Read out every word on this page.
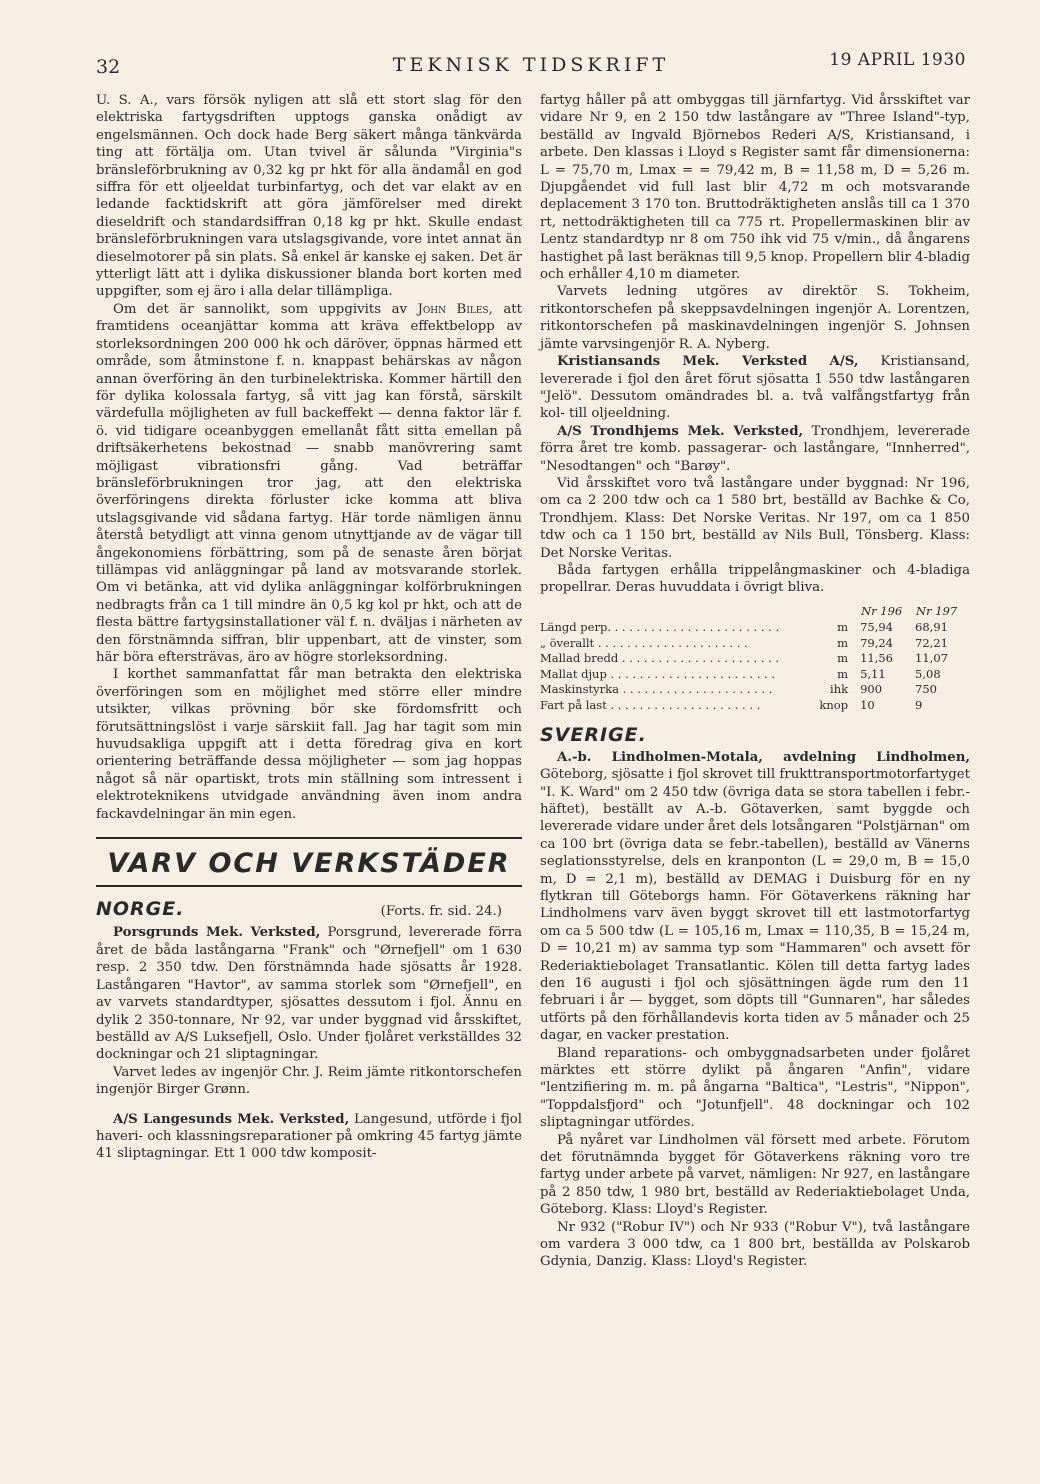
32	TEKNISK TIDSKRIFT	19 APRIL 1930

U. S. A., vars försök nyligen att slå ett stort slag för den elektriska fartygsdriften upptogs ganska onådigt av engelsmännen. Och dock hade Berg säkert många tänkvärda ting att förtälja om. Utan tvivel är sålunda "Virginia"s bränsleförbrukning av 0,32 kg pr hkt för alla ändamål en god siffra för ett oljeeldat turbinfartyg, och det var elakt av en ledande facktidskrift att göra jämförelser med direkt dieseldrift och standardsiffran 0,18 kg pr hkt. Skulle endast bränsleförbrukningen vara utslagsgivande, vore intet annat än dieselmotorer på sin plats. Så enkel är kanske ej saken. Det är ytterligt lätt att i dylika diskussioner blanda bort korten med uppgifter, som ej äro i alla delar tillämpliga.

Om det är sannolikt, som uppgivits av John Biles, att framtidens oceanjättar komma att kräva effektbelopp av storleksordningen 200 000 hk och däröver, öppnas härmed ett område, som åtminstone f. n. knappast behärskas av någon annan överföring än den turbinelektriska. Kommer härtill den för dylika kolossala fartyg, så vitt jag kan förstå, särskilt värdefulla möjligheten av full backeffekt — denna faktor lär f. ö. vid tidigare oceanbyggen emellanåt fått sitta emellan på driftsäkerhetens bekostnad — snabb manövrering samt möjligast vibrationsfri gång. Vad beträffar bränsleförbrukningen tror jag, att den elektriska överföringens direkta förluster icke komma att bliva utslagsgivande vid sådana fartyg. Här torde nämligen ännu återstå betydligt att vinna genom utnyttjande av de vägar till ångekonomiens förbättring, som på de senaste åren börjat tillämpas vid anläggningar på land av motsvarande storlek. Om vi betänka, att vid dylika anläggningar kolförbrukningen nedbragts från ca 1 till mindre än 0,5 kg kol pr hkt, och att de flesta bättre fartygsinstallationer väl f. n. dväljas i närheten av den förstnämnda siffran, blir uppenbart, att de vinster, som här böra eftersträvas, äro av högre storleksordning.

I korthet sammanfattat får man betrakta den elektriska överföringen som en möjlighet med större eller mindre utsikter, vilkas prövning bör ske fördomsfritt och förutsättningslöst i varje särskiit fall. Jag har tagit som min huvudsakliga uppgift att i detta föredrag giva en kort orientering beträffande dessa möjligheter — som jag hoppas något så när opartiskt, trots min ställning som intressent i elektroteknikens utvidgade användning även inom andra fackavdelningar än min egen.

VARV OCH VERKSTÄDER
NORGE.	(Forts. fr. sid. 24.)

Porsgrunds Mek. Verksted, Porsgrund, levererade förra året de båda lastångarna "Frank" och "Ørnefjell" om 1 630 resp. 2 350 tdw. Den förstnämnda hade sjösatts år 1928. Lastångaren "Havtor", av samma storlek som "Ørnefjell", en av varvets standardtyper, sjösattes dessutom i fjol. Ännu en dylik 2 350-tonnare, Nr 92, var under byggnad vid årsskiftet, beställd av A/S Luksefjell, Oslo. Under fjolåret verkställdes 32 dockningar och 21 sliptagningar.

Varvet ledes av ingenjör Chr. J. Reim jämte ritkontorschefen ingenjör Birger Grønn.

A/S Langesunds Mek. Verksted, Langesund, utförde i fjol haveri- och klassningsreparationer på omkring 45 fartyg jämte 41 sliptagningar. Ett 1 000 tdw komposit-

fartyg håller på att ombyggas till järnfartyg. Vid årsskiftet var vidare Nr 9, en 2 150 tdw lastångare av "Three Island"-typ, beställd av Ingvald Björnebos Rederi A/S, Kristiansand, i arbete. Den klassas i Lloyd s Register samt får dimensionerna: L = 75,70 m, Lmax = = 79,42 m, B = 11,58 m, D = 5,26 m. Djupgåendet vid full last blir 4,72 m och motsvarande deplacement 3 170 ton. Bruttodräktigheten anslås till ca 1 370 rt, nettodräktigheten till ca 775 rt. Propellermaskinen blir av Lentz standardtyp nr 8 om 750 ihk vid 75 v/min., då ångarens hastighet på last beräknas till 9,5 knop. Propellern blir 4-bladig och erhåller 4,10 m diameter.

Varvets ledning utgöres av direktör S. Tokheim, ritkontorschefen på skeppsavdelningen ingenjör A. Lorentzen, ritkontorschefen på maskinavdelningen ingenjör S. Johnsen jämte varvsingenjör R. A. Nyberg.

Kristiansands Mek. Verksted A/S, Kristiansand, levererade i fjol den året förut sjösatta 1 550 tdw lastångaren "Jelö". Dessutom omändrades bl. a. två valfångstfartyg från kol- till oljeeldning.

A/S Trondhjems Mek. Verksted, Trondhjem, levererade förra året tre komb. passagerar- och lastångare, "Innherred", "Nesodtangen" och "Barøy".

Vid årsskiftet voro två lastångare under byggnad: Nr 196, om ca 2 200 tdw och ca 1 580 brt, beställd av Bachke & Co, Trondhjem. Klass: Det Norske Veritas. Nr 197, om ca 1 850 tdw och ca 1 150 brt, beställd av Nils Bull, Tönsberg. Klass: Det Norske Veritas.

Båda fartygen erhålla trippelångmaskiner och 4-bladiga propellrar. Deras huvuddata i övrigt bliva.

		Nr 196	Nr 197
Längd perp. . . . . . . . . . . . . . . . . . . . . . . .	m	75,94	68,91
„ överallt . . . . . . . . . . . . . . . . . . . . .	m	79,24	72,21
Mallad bredd . . . . . . . . . . . . . . . . . . . . . .	m	11,56	11,07
Mallat djup . . . . . . . . . . . . . . . . . . . . . . .	m	5,11	5,08
Maskinstyrka . . . . . . . . . . . . . . . . . . . . .	ihk	900	750
Fart på last . . . . . . . . . . . . . . . . . . . . .	knop	10	9
SVERIGE.

A.-b. Lindholmen-Motala, avdelning Lindholmen, Göteborg, sjösatte i fjol skrovet till frukttransportmotorfartyget "I. K. Ward" om 2 450 tdw (övriga data se stora tabellen i febr.-häftet), beställt av A.-b. Götaverken, samt byggde och levererade vidare under året dels lotsångaren "Polstjärnan" om ca 100 brt (övriga data se febr.-tabellen), beställd av Vänerns seglationsstyrelse, dels en kranponton (L = 29,0 m, B = 15,0 m, D = 2,1 m), beställd av DEMAG i Duisburg för en ny flytkran till Göteborgs hamn. För Götaverkens räkning har Lindholmens varv även byggt skrovet till ett lastmotorfartyg om ca 5 500 tdw (L = 105,16 m, Lmax = 110,35, B = 15,24 m, D = 10,21 m) av samma typ som "Hammaren" och avsett för Rederiaktiebolaget Transatlantic. Kölen till detta fartyg lades den 16 augusti i fjol och sjösättningen ägde rum den 11 februari i år — bygget, som döpts till "Gunnaren", har således utförts på den förhållandevis korta tiden av 5 månader och 25 dagar, en vacker prestation.

Bland reparations- och ombyggnadsarbeten under fjolåret märktes ett större dylikt på ångaren "Anfin", vidare "lentzifiering m. m. på ångarna "Baltica", "Lestris", "Nippon", "Toppdalsfjord" och "Jotunfjell". 48 dockningar och 102 sliptagningar utfördes.

På nyåret var Lindholmen väl försett med arbete. Förutom det förutnämnda bygget för Götaverkens räkning voro tre fartyg under arbete på varvet, nämligen: Nr 927, en lastångare på 2 850 tdw, 1 980 brt, beställd av Rederiaktiebolaget Unda, Göteborg. Klass: Lloyd's Register.

Nr 932 ("Robur IV") och Nr 933 ("Robur V"), två lastångare om vardera 3 000 tdw, ca 1 800 brt, beställda av Polskarob Gdynia, Danzig. Klass: Lloyd's Register.
